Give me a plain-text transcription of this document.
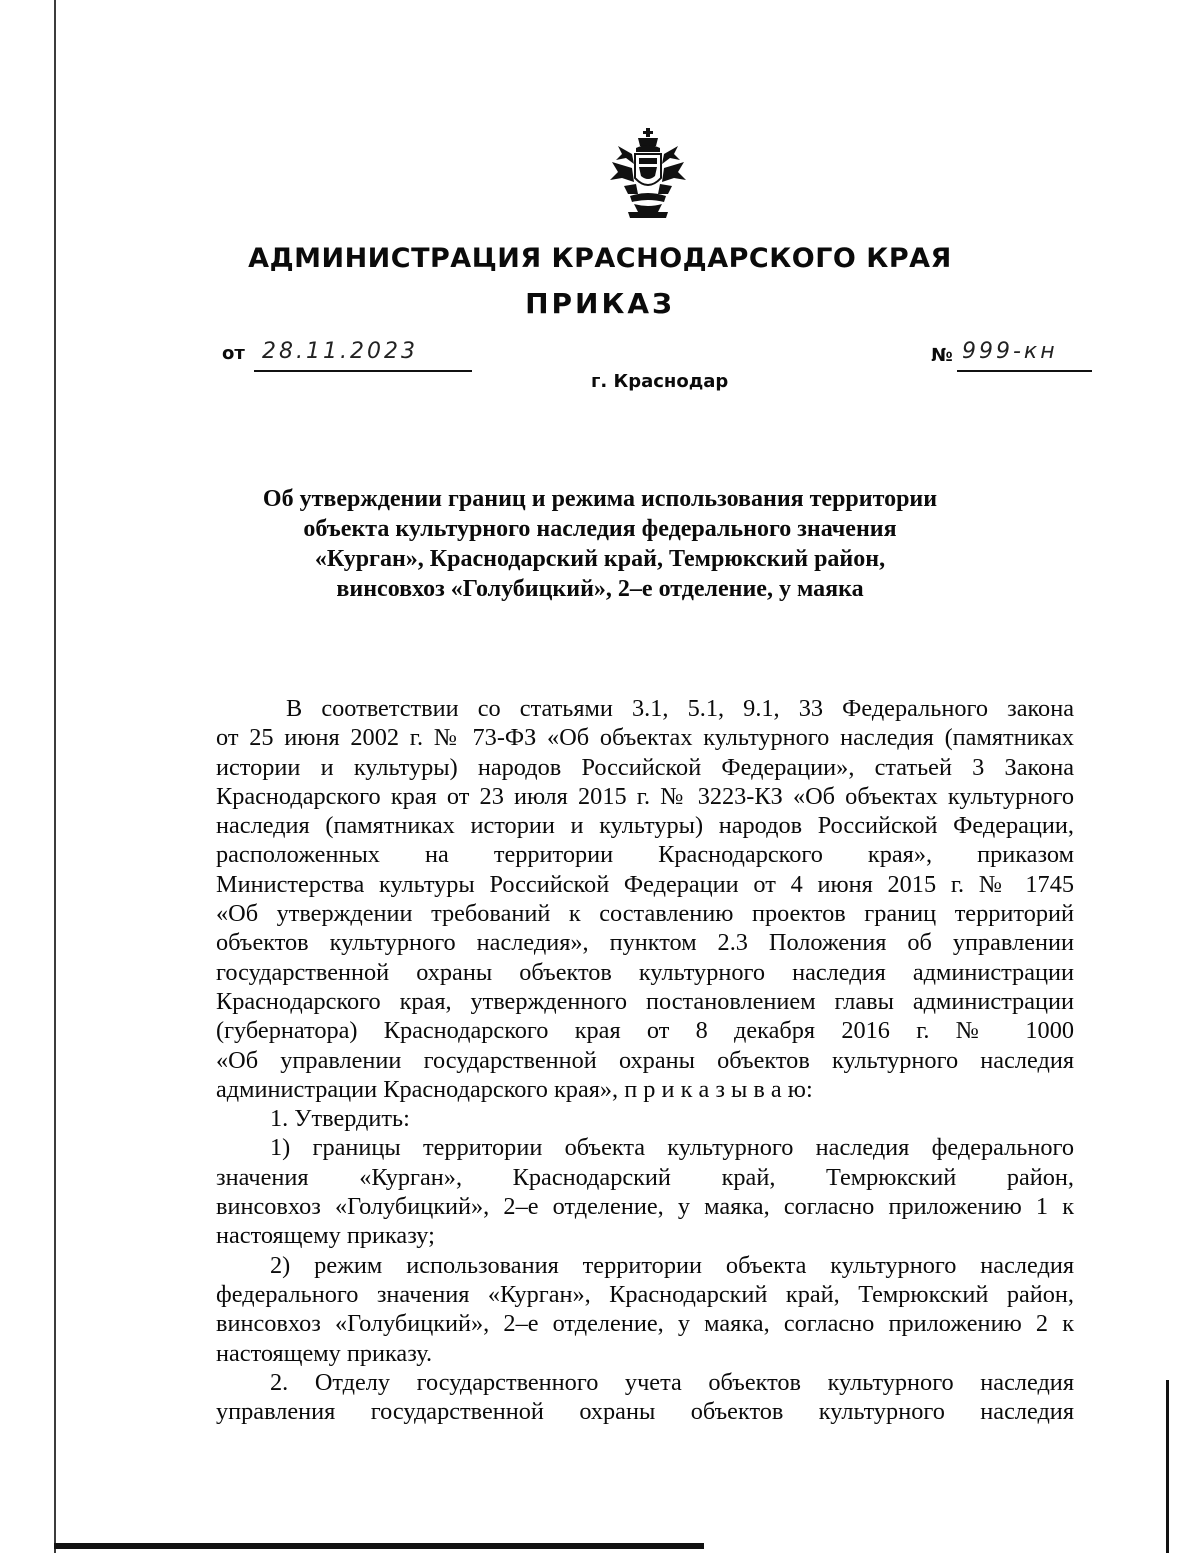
АДМИНИСТРАЦИЯ КРАСНОДАРСКОГО КРАЯ
ПРИКАЗ
от 28.11.2023	№ 999-кн
г. Краснодар
Об утверждении границ и режима использования территории
объекта культурного наследия федерального значения
«Курган», Краснодарский край, Темрюкский район,
винсовхоз «Голубицкий», 2–е отделение, у маяка
В соответствии со статьями 3.1, 5.1, 9.1, 33 Федерального закона
от 25 июня 2002 г. № 73-ФЗ «Об объектах культурного наследия (памятниках
истории и культуры) народов Российской Федерации», статьей 3 Закона
Краснодарского края от 23 июля 2015 г. № 3223-КЗ «Об объектах культурного
наследия (памятниках истории и культуры) народов Российской Федерации,
расположенных на территории Краснодарского края», приказом
Министерства культуры Российской Федерации от 4 июня 2015 г. № 1745
«Об утверждении требований к составлению проектов границ территорий
объектов культурного наследия», пунктом 2.3 Положения об управлении
государственной охраны объектов культурного наследия администрации
Краснодарского края, утвержденного постановлением главы администрации
(губернатора) Краснодарского края от 8 декабря 2016 г. № 1000
«Об управлении государственной охраны объектов культурного наследия
администрации Краснодарского края», п р и к а з ы в а ю:
1. Утвердить:
1) границы территории объекта культурного наследия федерального
значения «Курган», Краснодарский край, Темрюкский район,
винсовхоз «Голубицкий», 2–е отделение, у маяка, согласно приложению 1 к
настоящему приказу;
2) режим использования территории объекта культурного наследия
федерального значения «Курган», Краснодарский край, Темрюкский район,
винсовхоз «Голубицкий», 2–е отделение, у маяка, согласно приложению 2 к
настоящему приказу.
2. Отделу государственного учета объектов культурного наследия
управления государственной охраны объектов культурного наследия
